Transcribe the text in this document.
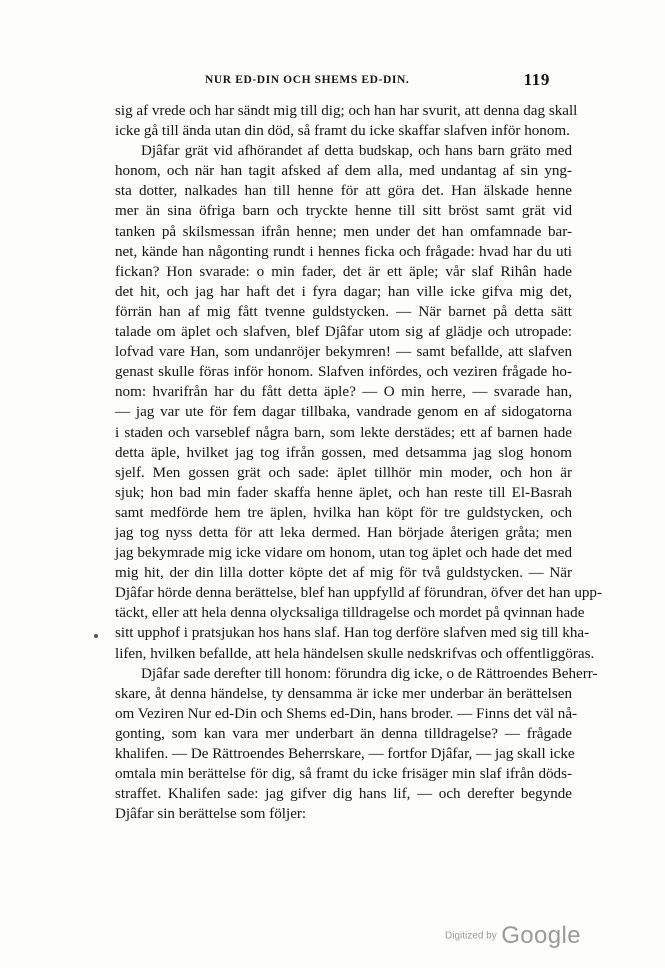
NUR ED-DIN OCH SHEMS ED-DIN.	119
sig af vrede och har sändt mig till dig; och han har svurit, att denna dag skall
icke gå till ända utan din död, så framt du icke skaffar slafven inför honom.
Djâfar grät vid afhörandet af detta budskap, och hans barn gräto med
honom, och när han tagit afsked af dem alla, med undantag af sin yng-
sta dotter, nalkades han till henne för att göra det. Han älskade henne
mer än sina öfriga barn och tryckte henne till sitt bröst samt grät vid
tanken på skilsmessan ifrån henne; men under det han omfamnade bar-
net, kände han någonting rundt i hennes ficka och frågade: hvad har du uti
fickan? Hon svarade: o min fader, det är ett äple; vår slaf Rihân hade
det hit, och jag har haft det i fyra dagar; han ville icke gifva mig det,
förrän han af mig fått tvenne guldstycken. — När barnet på detta sätt
talade om äplet och slafven, blef Djâfar utom sig af glädje och utropade:
lofvad vare Han, som undanröjer bekymren! — samt befallde, att slafven
genast skulle föras inför honom. Slafven infördes, och veziren frågade ho-
nom: hvarifrån har du fått detta äple? — O min herre, — svarade han,
— jag var ute för fem dagar tillbaka, vandrade genom en af sidogatorna
i staden och varseblef några barn, som lekte derstädes; ett af barnen hade
detta äple, hvilket jag tog ifrån gossen, med detsamma jag slog honom
sjelf. Men gossen grät och sade: äplet tillhör min moder, och hon är
sjuk; hon bad min fader skaffa henne äplet, och han reste till El-Basrah
samt medförde hem tre äplen, hvilka han köpt för tre guldstycken, och
jag tog nyss detta för att leka dermed. Han började återigen gråta; men
jag bekymrade mig icke vidare om honom, utan tog äplet och hade det med
mig hit, der din lilla dotter köpte det af mig för två guldstycken. — När
Djâfar hörde denna berättelse, blef han uppfylld af förundran, öfver det han upp-
täckt, eller att hela denna olycksaliga tilldragelse och mordet på qvinnan hade
sitt upphof i pratsjukan hos hans slaf. Han tog derföre slafven med sig till kha-
lifen, hvilken befallde, att hela händelsen skulle nedskrifvas och offentliggöras.
Djâfar sade derefter till honom: förundra dig icke, o de Rättroendes Beherr-
skare, åt denna händelse, ty densamma är icke mer underbar än berättelsen
om Veziren Nur ed-Din och Shems ed-Din, hans broder. — Finns det väl nå-
gonting, som kan vara mer underbart än denna tilldragelse? — frågade
khalifen. — De Rättroendes Beherrskare, — fortfor Djâfar, — jag skall icke
omtala min berättelse för dig, så framt du icke frisäger min slaf ifrån döds-
straffet. Khalifen sade: jag gifver dig hans lif, — och derefter begynde
Djâfar sin berättelse som följer:
Digitized by Google
